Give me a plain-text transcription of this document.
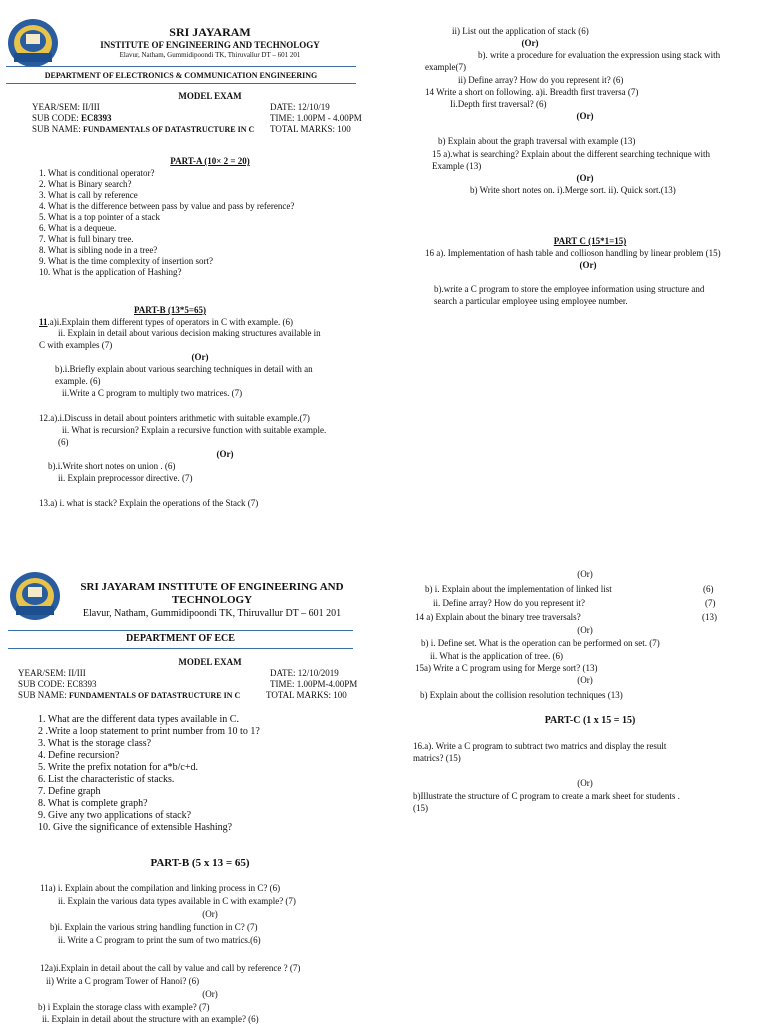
SRI JAYARAM
INSTITUTE OF ENGINEERING AND TECHNOLOGY
Elavur, Natham, Gummidipoondi TK, Thiruvallur DT – 601 201
DEPARTMENT OF ELECTRONICS & COMMUNICATION ENGINEERING
MODEL EXAM
YEAR/SEM: II/III	DATE: 12/10/19
SUB CODE: EC8393	TIME: 1.00PM - 4.00PM
SUB NAME: FUNDAMENTALS OF DATASTRUCTURE IN C TOTAL MARKS: 100
PART-A (10× 2 = 20)
1. What is conditional operator?
2. What is Binary search?
3. What is call by reference
4. What is the difference between pass by value and pass by reference?
5. What is a top pointer of a stack
6. What is a dequeue.
7. What is full binary tree.
8. What is sibling node in a tree?
9. What is the time complexity of insertion sort?
10. What is the application of Hashing?
PART-B (13*5=65)
11.a)i.Explain them different types of operators in C with example. (6)
ii. Explain in detail about various decision making structures available in
C with examples (7)
(Or)
b).i.Briefly explain about various searching techniques in detail with an
example. (6)
ii.Write a C program to multiply two matrices. (7)
12.a).i.Discuss in detail about pointers arithmetic with suitable example.(7)
ii. What is recursion? Explain a recursive function with suitable example.
(6)
(Or)
b).i.Write short notes on union . (6)
ii. Explain preprocessor directive. (7)
13.a) i. what is stack? Explain the operations of the Stack (7)
ii) List out the application of stack (6)
(Or)
b). write a procedure for evaluation the expression using stack with
example(7)
ii) Define array? How do you represent it? (6)
14 Write a short on following. a)i. Breadth first traversa (7)
Ii.Depth first traversal? (6)
(Or)
b) Explain about the graph traversal with example (13)
15 a).what is searching? Explain about the different searching technique with
Example (13)
(Or)
b) Write short notes on. i).Merge sort. ii). Quick sort.(13)
PART C (15*1=15)
16 a). Implementation of hash table and collioson handling by linear problem (15)
(Or)
b).write a C program to store the employee information using structure and
search a particular employee using employee number.
SRI JAYARAM INSTITUTE OF ENGINEERING AND
TECHNOLOGY
Elavur, Natham, Gummidipoondi TK, Thiruvallur DT – 601 201
DEPARTMENT OF ECE
MODEL EXAM
YEAR/SEM: II/III	DATE: 12/10/2019
SUB CODE: EC8393	TIME: 1.00PM-4.00PM
SUB NAME: FUNDAMENTALS OF DATASTRUCTURE IN C	TOTAL MARKS: 100
1. What are the different data types available in C.
2 .Write a loop statement to print number from 10 to 1?
3. What is the storage class?
4. Define recursion?
5. Write the prefix notation for a*b/c+d.
6. List the characteristic of stacks.
7. Define graph
8. What is complete graph?
9. Give any two applications of stack?
10. Give the significance of extensible Hashing?
PART-B (5 x 13 = 65)
11a) i. Explain about the compilation and linking process in C? (6)
ii. Explain the various data types available in C with example? (7)
(Or)
b)i. Explain the various string handling function in C? (7)
ii. Write a C program to print the sum of two matrics.(6)
12a)i.Explain in detail about the call by value and call by reference ? (7)
ii) Write a C program Tower of Hanoi? (6)
(Or)
b) i Explain the storage class with example? (7)
ii. Explain in detail about the structure with an example? (6)
(Or)
b) i. Explain about the implementation of linked list	(6)
ii. Define array? How do you represent it?	(7)
14 a) Explain about the binary tree traversals?	(13)
(Or)
b) i. Define set. What is the operation can be performed on set. (7)
ii. What is the application of tree. (6)
15a) Write a C program using for Merge sort? (13)
(Or)
b) Explain about the collision resolution techniques (13)
PART-C (1 x 15 = 15)
16.a). Write a C program to subtract two matrics and display the result
matrics? (15)
(Or)
b)Illustrate the structure of C program to create a mark sheet for students .
(15)
